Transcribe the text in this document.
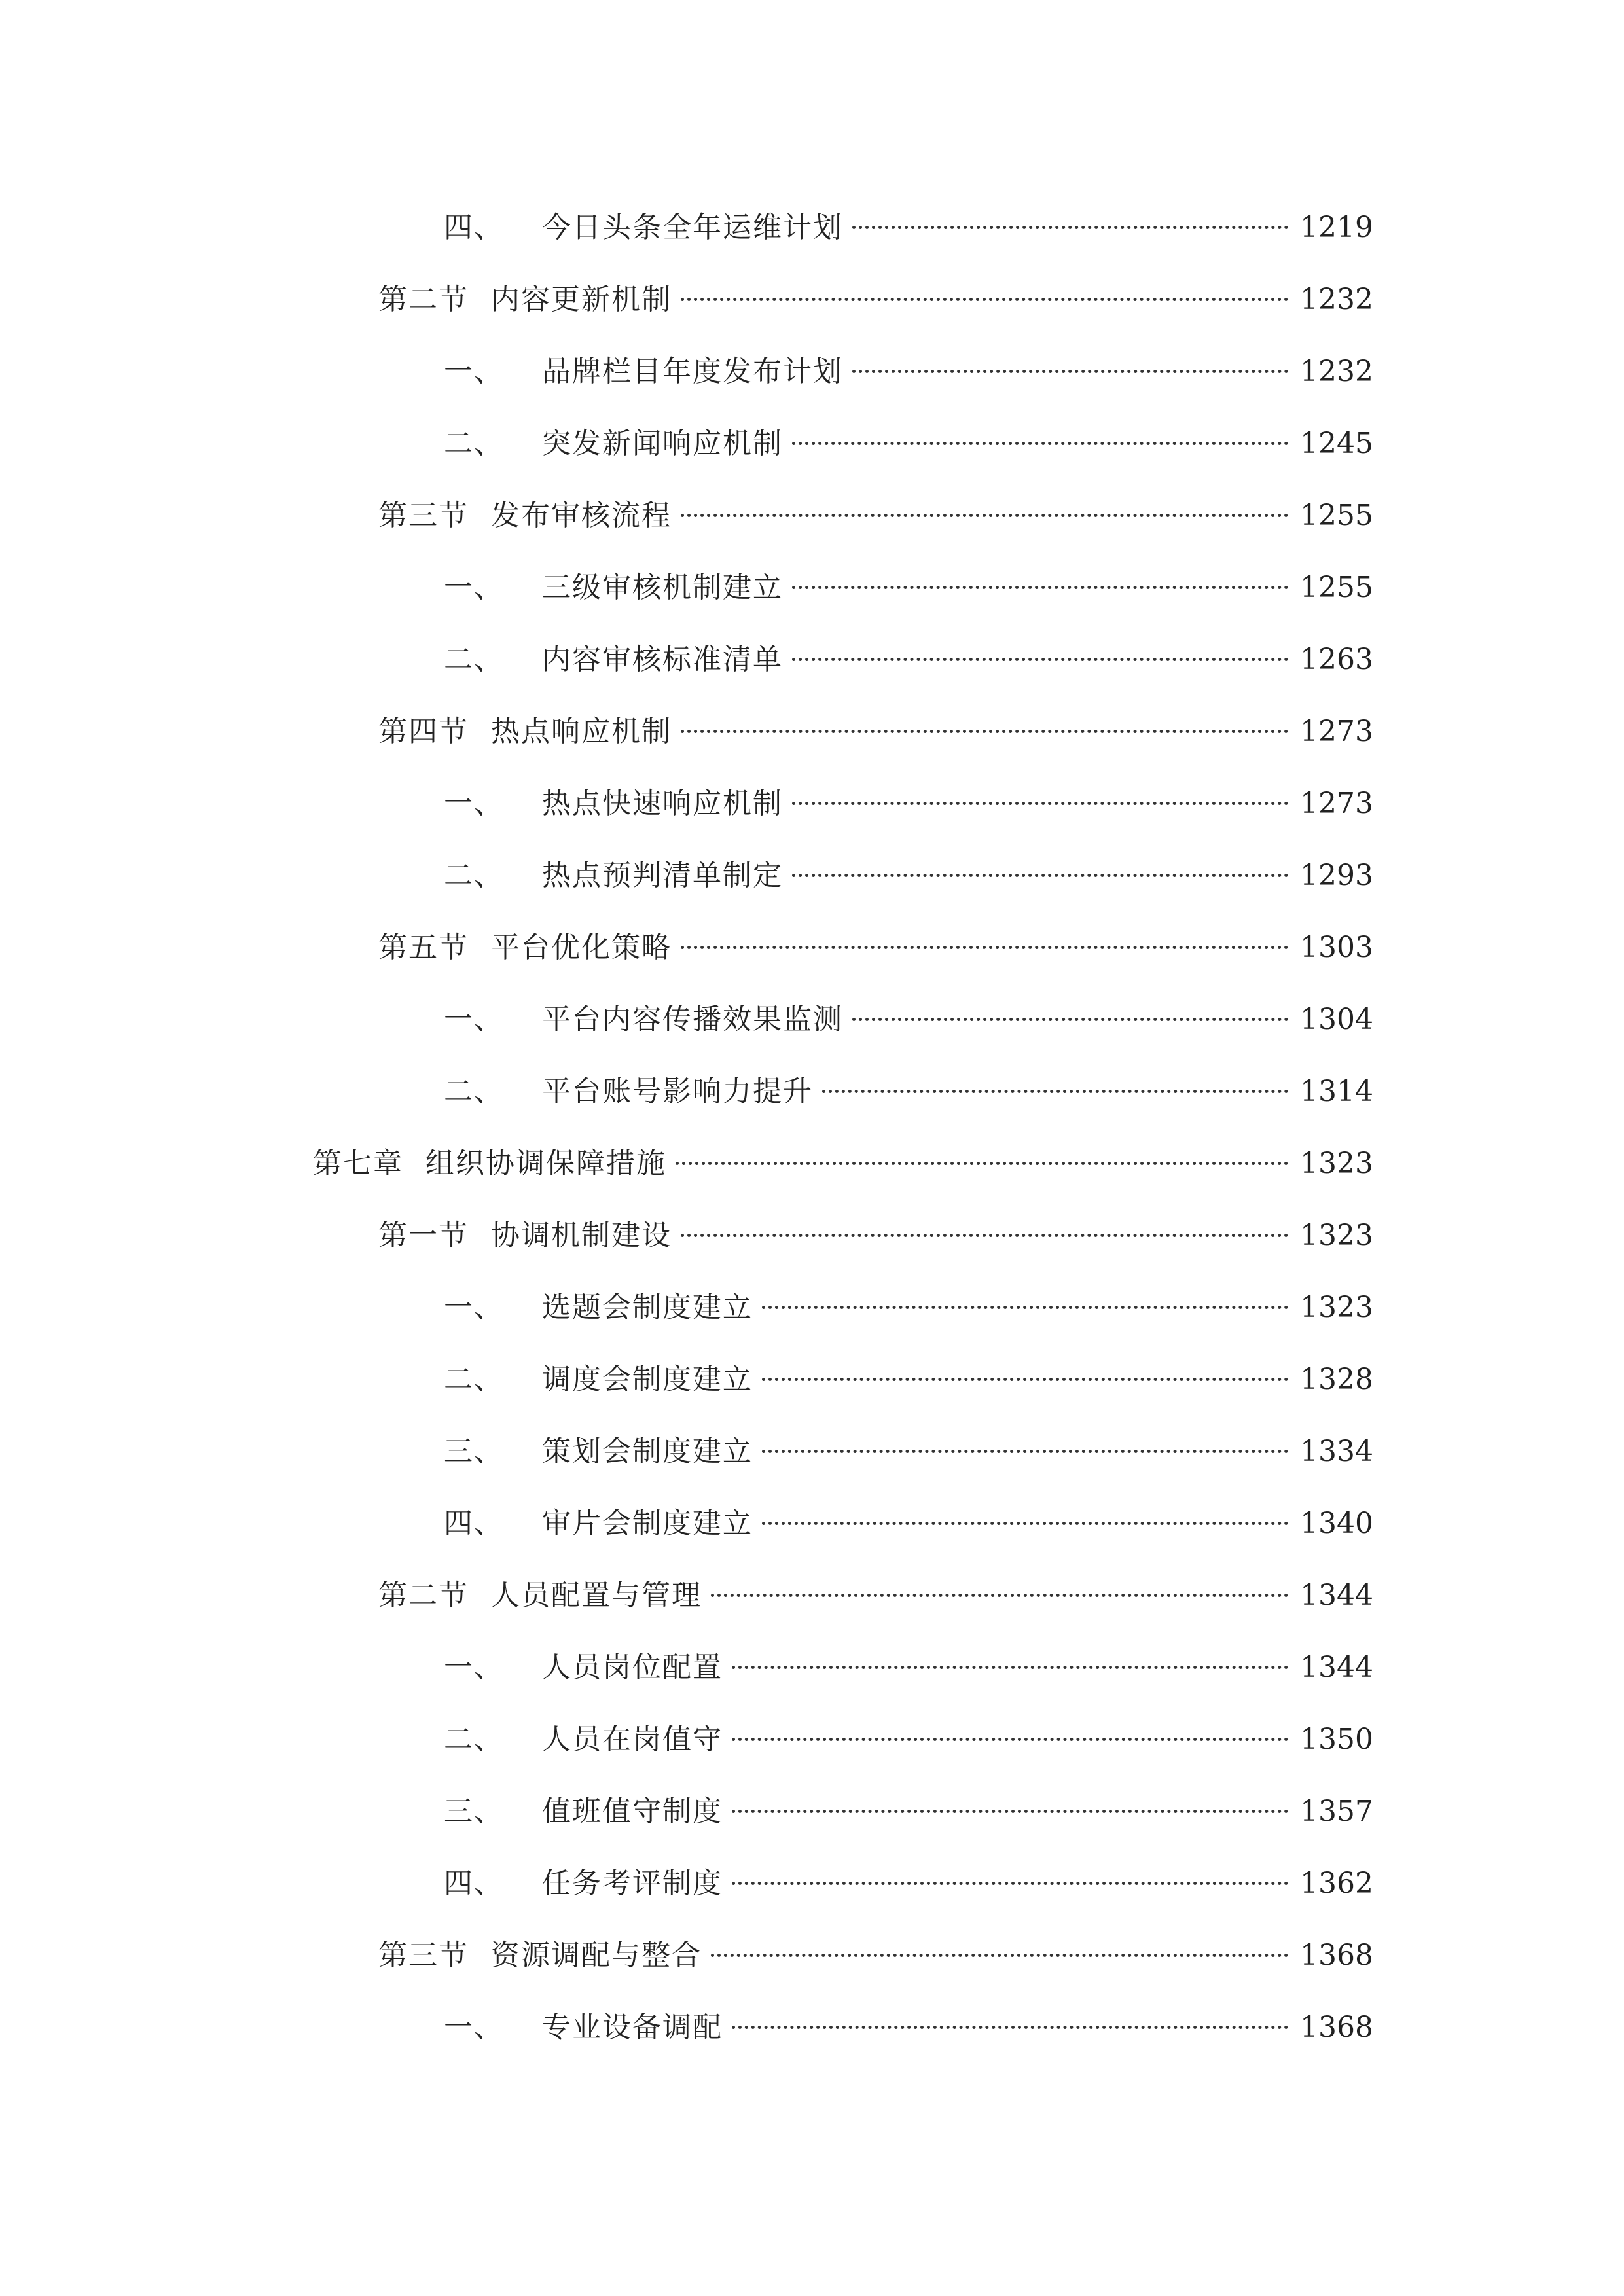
四、 今日头条全年运维计划	1219
第二节 内容更新机制	1232
一、 品牌栏目年度发布计划	1232
二、 突发新闻响应机制	1245
第三节 发布审核流程	1255
一、 三级审核机制建立	1255
二、 内容审核标准清单	1263
第四节 热点响应机制	1273
一、 热点快速响应机制	1273
二、 热点预判清单制定	1293
第五节 平台优化策略	1303
一、 平台内容传播效果监测	1304
二、 平台账号影响力提升	1314
第七章 组织协调保障措施	1323
第一节 协调机制建设	1323
一、 选题会制度建立	1323
二、 调度会制度建立	1328
三、 策划会制度建立	1334
四、 审片会制度建立	1340
第二节 人员配置与管理	1344
一、 人员岗位配置	1344
二、 人员在岗值守	1350
三、 值班值守制度	1357
四、 任务考评制度	1362
第三节 资源调配与整合	1368
一、 专业设备调配	1368
